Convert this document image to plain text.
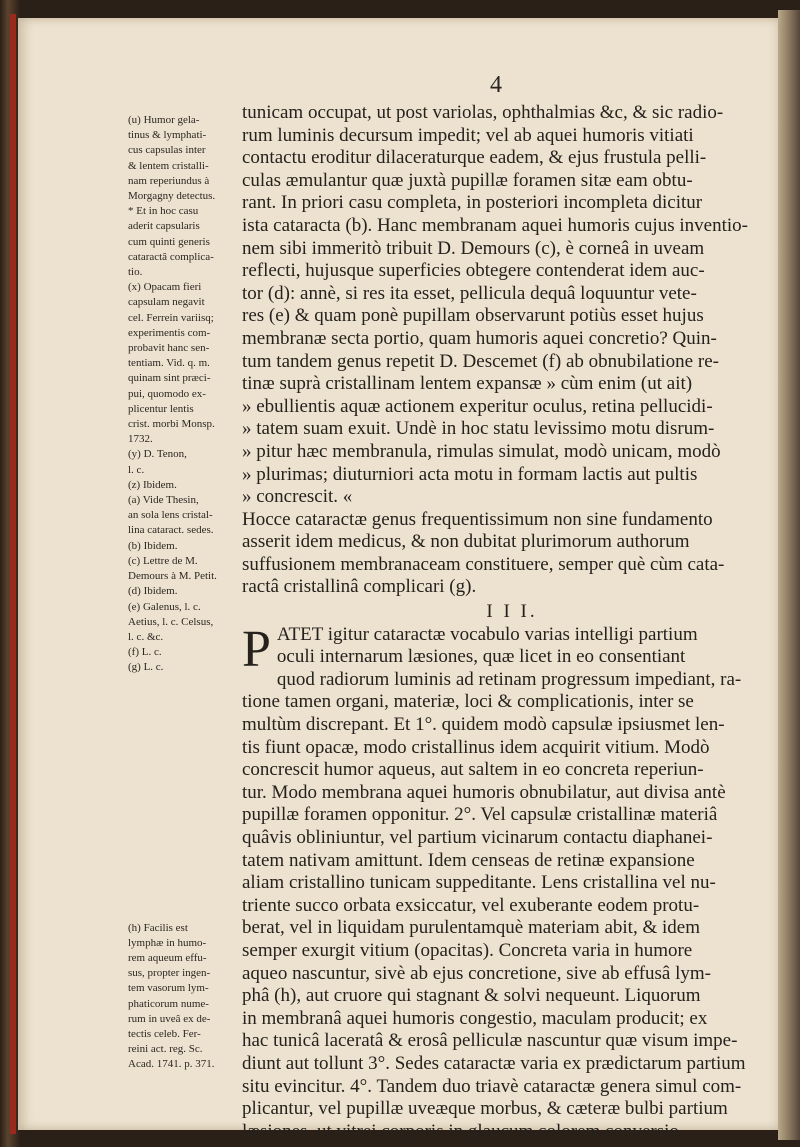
4
(u) Humor gela-
tinus & lymphati-
cus capsulas inter
& lentem cristalli-
nam reperiundus à
Morgagny detectus.
* Et in hoc casu
aderit capsularis
cum quinti generis
cataractâ complica-
tio.
(x) Opacam fieri
capsulam negavit
cel. Ferrein variisq;
experimentis com-
probavit hanc sen-
tentiam. Vid. q. m.
quinam sint præci-
pui, quomodo ex-
plicentur lentis
crist. morbi Monsp.
1732.
(y) D. Tenon,
l. c.
(z) Ibidem.
(a) Vide Thesin,
an sola lens cristal-
lina cataract. sedes.
(b) Ibidem.
(c) Lettre de M.
Demours à M. Petit.
(d) Ibidem.
(e) Galenus, l. c.
Aetius, l. c. Celsus,
l. c. &c.
(f) L. c.
(g) L. c.
(h) Facilis est
lymphæ in humo-
rem aqueum effu-
sus, propter ingen-
tem vasorum lym-
phaticorum nume-
rum in uveâ ex de-
tectis celeb. Fer-
reini act. reg. Sc.
Acad. 1741. p. 371.
tunicam occupat, ut post variolas, ophthalmias &c, & sic radio-
rum luminis decursum impedit; vel ab aquei humoris vitiati
contactu eroditur dilaceraturque eadem, & ejus frustula pelli-
culas æmulantur quæ juxtà pupillæ foramen sitæ eam obtu-
rant. In priori casu completa, in posteriori incompleta dicitur
ista cataracta (b). Hanc membranam aquei humoris cujus inventio-
nem sibi immeritò tribuit D. Demours (c), è corneâ in uveam
reflecti, hujusque superficies obtegere contenderat idem auc-
tor (d): annè, si res ita esset, pellicula dequâ loquuntur vete-
res (e) & quam ponè pupillam observarunt potiùs esset hujus
membranæ secta portio, quam humoris aquei concretio? Quin-
tum tandem genus repetit D. Descemet (f) ab obnubilatione re-
tinæ suprà cristallinam lentem expansæ » cùm enim (ut ait)
» ebullientis aquæ actionem experitur oculus, retina pellucidi-
» tatem suam exuit. Undè in hoc statu levissimo motu disrum-
» pitur hæc membranula, rimulas simulat, modò unicam, modò
» plurimas; diuturniori acta motu in formam lactis aut pultis
» concrescit. «
Hocce cataractæ genus frequentissimum non sine fundamento
asserit idem medicus, & non dubitat plurimorum authorum
suffusionem membranaceam constituere, semper què cùm cata-
ractâ cristallinâ complicari (g).
I I I.
P ATET igitur cataractæ vocabulo varias intelligi partium
oculi internarum læsiones, quæ licet in eo consentiant
quod radiorum luminis ad retinam progressum impediant, ra-
tione tamen organi, materiæ, loci & complicationis, inter se
multùm discrepant. Et 1°. quidem modò capsulæ ipsiusmet len-
tis fiunt opacæ, modo cristallinus idem acquirit vitium. Modò
concrescit humor aqueus, aut saltem in eo concreta reperiun-
tur. Modo membrana aquei humoris obnubilatur, aut divisa antè
pupillæ foramen opponitur. 2°. Vel capsulæ cristallinæ materiâ
quâvis obliniuntur, vel partium vicinarum contactu diaphanei-
tatem nativam amittunt. Idem censeas de retinæ expansione
aliam cristallino tunicam suppeditante. Lens cristallina vel nu-
triente succo orbata exsiccatur, vel exuberante eodem protu-
berat, vel in liquidam purulentamquè materiam abit, & idem
semper exurgit vitium (opacitas). Concreta varia in humore
aqueo nascuntur, sivè ab ejus concretione, sive ab effusâ lym-
phâ (h), aut cruore qui stagnant & solvi nequeunt. Liquorum
in membranâ aquei humoris congestio, maculam producit; ex
hac tunicâ laceratâ & erosâ pelliculæ nascuntur quæ visum impe-
diunt aut tollunt 3°. Sedes cataractæ varia ex prædictarum partium
situ evincitur. 4°. Tandem duo triavè cataractæ genera simul com-
plicantur, vel pupillæ uveæque morbus, & cæteræ bulbi partium
læsiones, ut vitrei corporis in glaucum colorem conversio,
